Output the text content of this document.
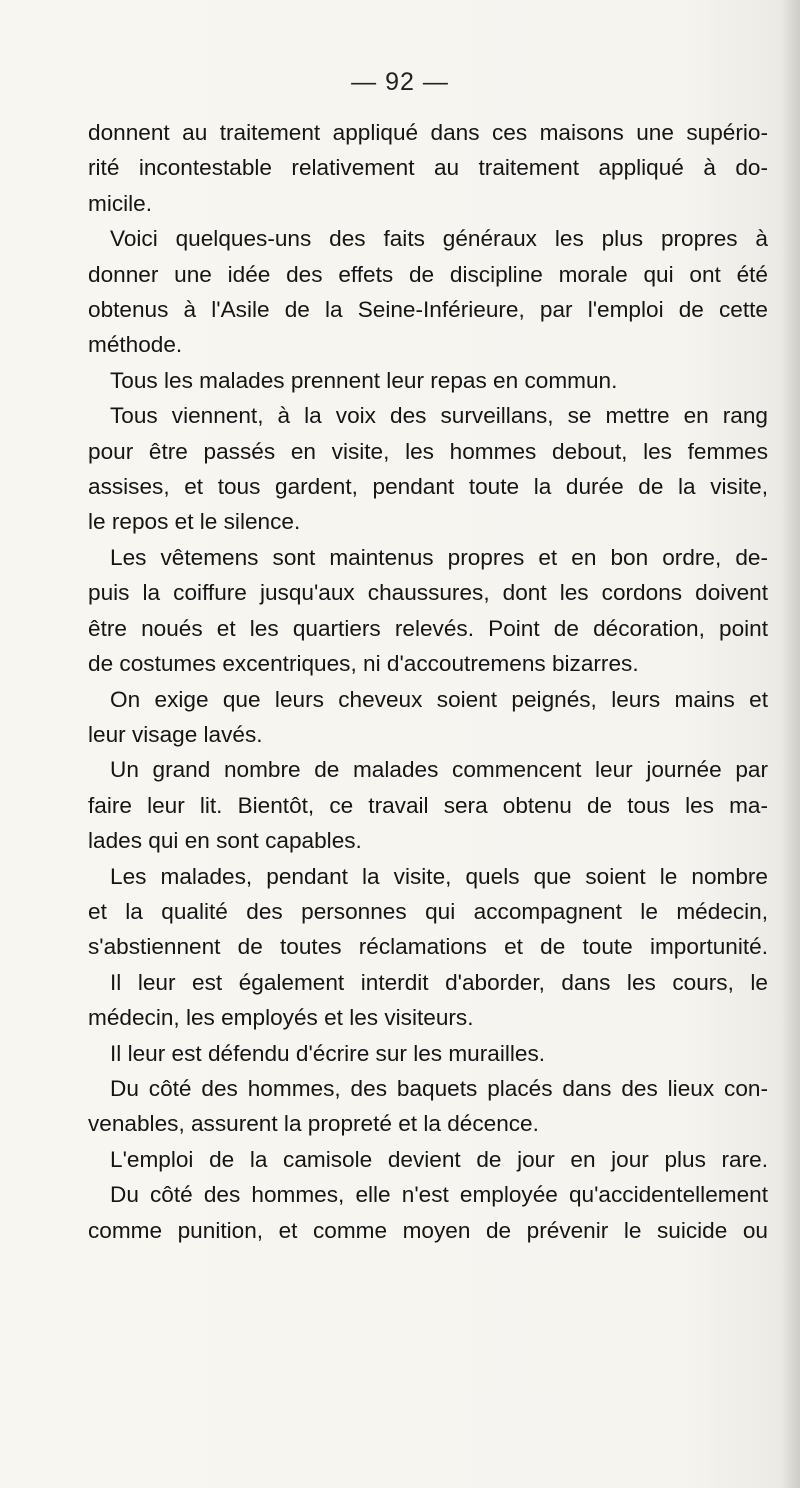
— 92 —
donnent au traitement appliqué dans ces maisons une supério-
rité incontestable relativement au traitement appliqué à do-
micile.
Voici quelques-uns des faits généraux les plus propres à
donner une idée des effets de discipline morale qui ont été
obtenus à l'Asile de la Seine-Inférieure, par l'emploi de cette
méthode.
Tous les malades prennent leur repas en commun.
Tous viennent, à la voix des surveillans, se mettre en rang
pour être passés en visite, les hommes debout, les femmes
assises, et tous gardent, pendant toute la durée de la visite,
le repos et le silence.
Les vêtemens sont maintenus propres et en bon ordre, de-
puis la coiffure jusqu'aux chaussures, dont les cordons doivent
être noués et les quartiers relevés. Point de décoration, point
de costumes excentriques, ni d'accoutremens bizarres.
On exige que leurs cheveux soient peignés, leurs mains et
leur visage lavés.
Un grand nombre de malades commencent leur journée par
faire leur lit. Bientôt, ce travail sera obtenu de tous les ma-
lades qui en sont capables.
Les malades, pendant la visite, quels que soient le nombre
et la qualité des personnes qui accompagnent le médecin,
s'abstiennent de toutes réclamations et de toute importunité.
Il leur est également interdit d'aborder, dans les cours, le
médecin, les employés et les visiteurs.
Il leur est défendu d'écrire sur les murailles.
Du côté des hommes, des baquets placés dans des lieux con-
venables, assurent la propreté et la décence.
L'emploi de la camisole devient de jour en jour plus rare.
Du côté des hommes, elle n'est employée qu'accidentellement
comme punition, et comme moyen de prévenir le suicide ou
